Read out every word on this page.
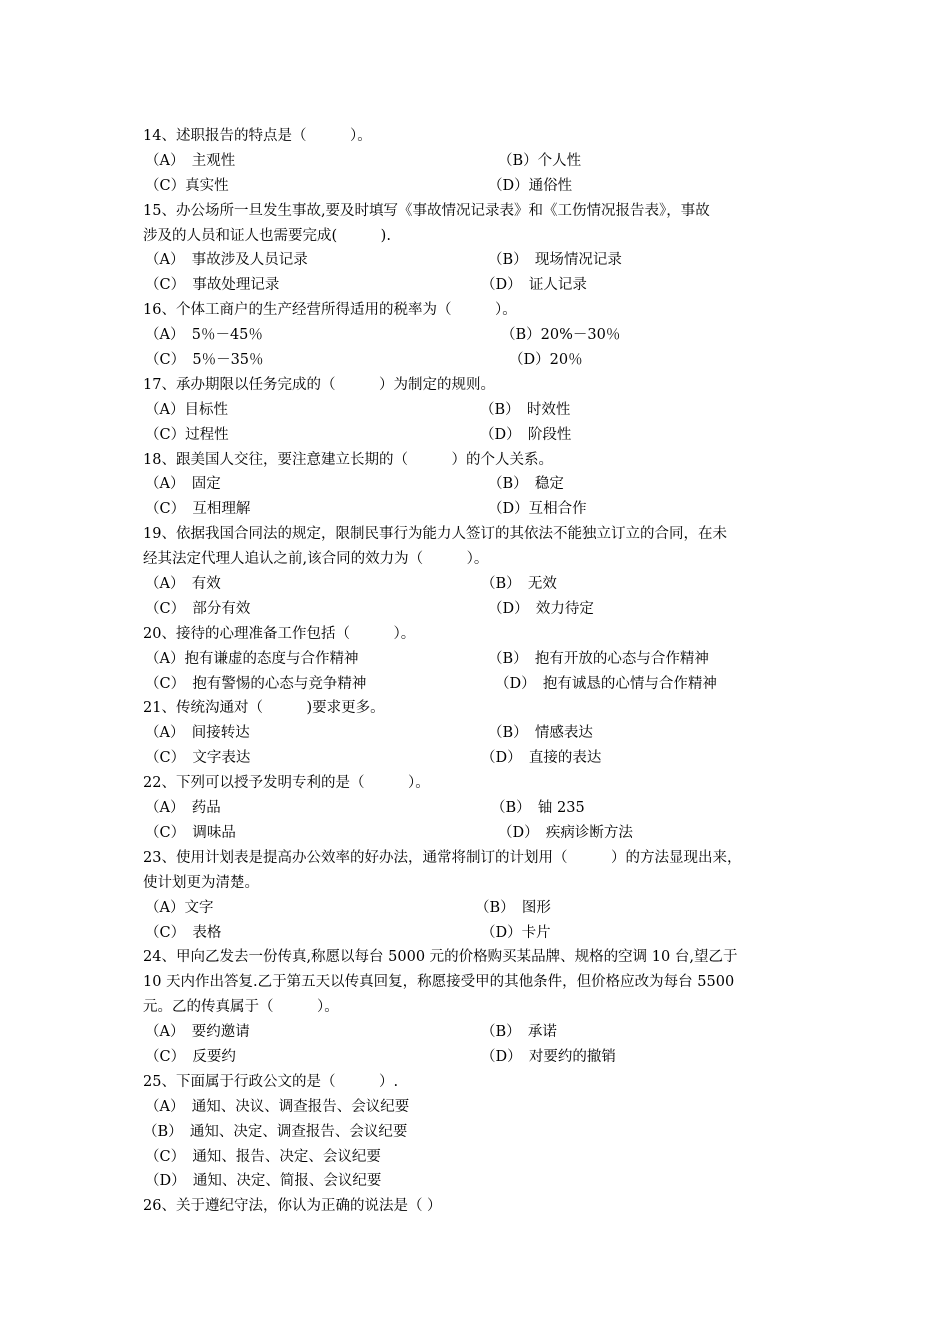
14、述职报告的特点是（　　　）。
（A）　主观性	（B）个人性
（C）真实性	（D）通俗性
15、办公场所一旦发生事故,要及时填写《事故情况记录表》和《工伤情况报告表》，事故
涉及的人员和证人也需要完成(　　　).
（A）　事故涉及人员记录	（B）　现场情况记录
（C）　事故处理记录	（D）　证人记录
16、个体工商户的生产经营所得适用的税率为（　　　）。
（A）　5％－45％	（B）20%－30％
（C）　5％－35％	（D）20％
17、承办期限以任务完成的（　　　）为制定的规则。
（A）目标性	（B）　时效性
（C）过程性	（D）　阶段性
18、跟美国人交往，要注意建立长期的（　　　）的个人关系。
（A）　固定	（B）　稳定
（C）　互相理解	（D）互相合作
19、依据我国合同法的规定，限制民事行为能力人签订的其依法不能独立订立的合同，在未
经其法定代理人追认之前,该合同的效力为（　　　）。
（A）　有效	（B）　无效
（C）　部分有效	（D）　效力待定
20、接待的心理准备工作包括（　　　）。
（A）抱有谦虚的态度与合作精神	（B）　抱有开放的心态与合作精神
（C）　抱有警惕的心态与竞争精神	（D）　抱有诚恳的心情与合作精神
21、传统沟通对（　　　)要求更多。
（A）　间接转达	（B）　情感表达
（C）　文字表达	（D）　直接的表达
22、下列可以授予发明专利的是（　　　）。
（A）　药品	（B）　铀 235
（C）　调味品	（D）　疾病诊断方法
23、使用计划表是提高办公效率的好办法，通常将制订的计划用（　　　）的方法显现出来，
使计划更为清楚。
（A）文字	（B）　图形
（C）　表格	（D）卡片
24、甲向乙发去一份传真,称愿以每台 5000 元的价格购买某品牌、规格的空调 10 台,望乙于
10 天内作出答复.乙于第五天以传真回复，称愿接受甲的其他条件，但价格应改为每台 5500
元。乙的传真属于（　　　）。
（A）　要约邀请	（B）　承诺
（C）　反要约	（D）　对要约的撤销
25、下面属于行政公文的是（　　　）.
（A）　通知、决议、调查报告、会议纪要
（B）　通知、决定、调查报告、会议纪要
（C）　通知、报告、决定、会议纪要
（D）　通知、决定、简报、会议纪要
26、关于遵纪守法，你认为正确的说法是（ ）
